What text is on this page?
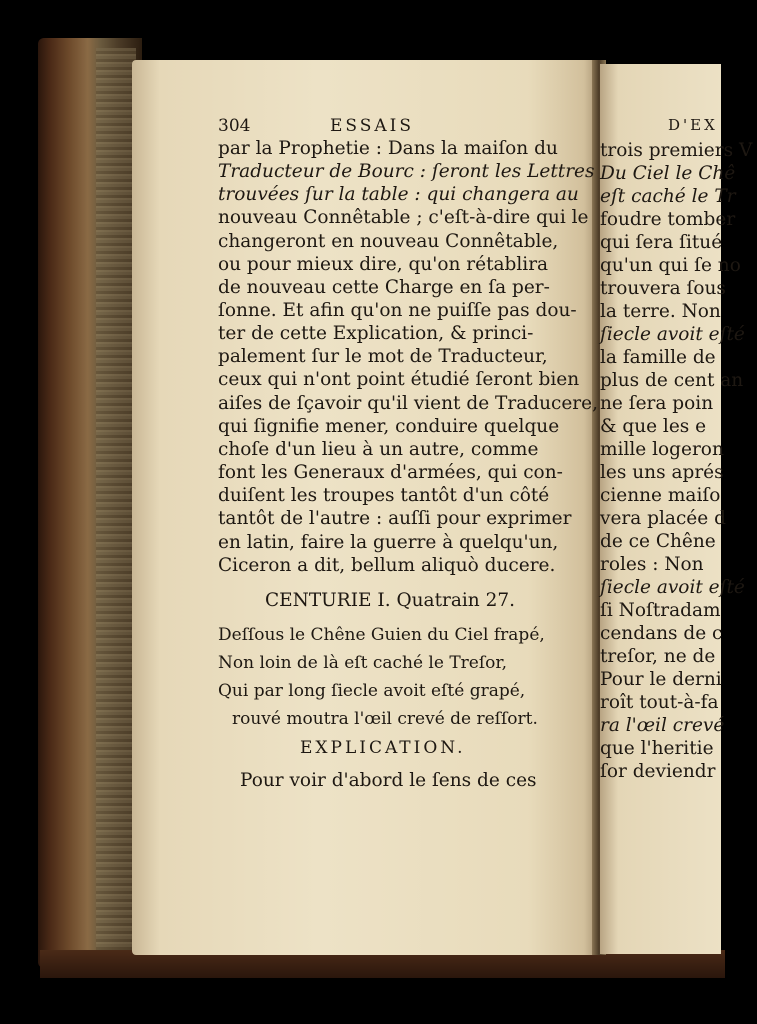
304	ESSAIS
par la Prophetie : Dans la maiſon du
Traducteur de Bourc : ſeront les Lettres
trouvées ſur la table : qui changera au
nouveau Connêtable ; c'eſt-à-dire qui le
changeront en nouveau Connêtable,
ou pour mieux dire, qu'on rétablira
de nouveau cette Charge en ſa per-
ſonne. Et afin qu'on ne puiſſe pas dou-
ter de cette Explication, & princi-
palement ſur le mot de Traducteur,
ceux qui n'ont point étudié ſeront bien
aiſes de ſçavoir qu'il vient de Traducere,
qui ſignifie mener, conduire quelque
choſe d'un lieu à un autre, comme
font les Generaux d'armées, qui con-
duiſent les troupes tantôt d'un côté
tantôt de l'autre : auſſi pour exprimer
en latin, faire la guerre à quelqu'un,
Ciceron a dit, bellum aliquò ducere.
CENTURIE I. Quatrain 27.
Deſſous le Chêne Guien du Ciel frapé,
Non loin de là eſt caché le Treſor,
Qui par long ſiecle avoit eſté grapé,
rouvé moutra l'œil crevé de reſſort.
EXPLICATION.
Pour voir d'abord le ſens de ces
D'EX
trois premiers V
Du Ciel le Chê
eſt caché le Tr
foudre tomber
qui ſera ſitué
qu'un qui ſe no
trouvera ſous
la terre. Non
ſiecle avoit eſté
la famille de
plus de cent an
ne ſera poin
& que les e
mille logeron
les uns aprés
cienne maiſo
vera placée d
de ce Chêne
roles : Non
ſiecle avoit eſté
ſi Noſtradam
cendans de c
treſor, ne de
Pour le derni
roît tout-à-fa
ra l'œil crevé
que l'heritie
ſor deviendr
